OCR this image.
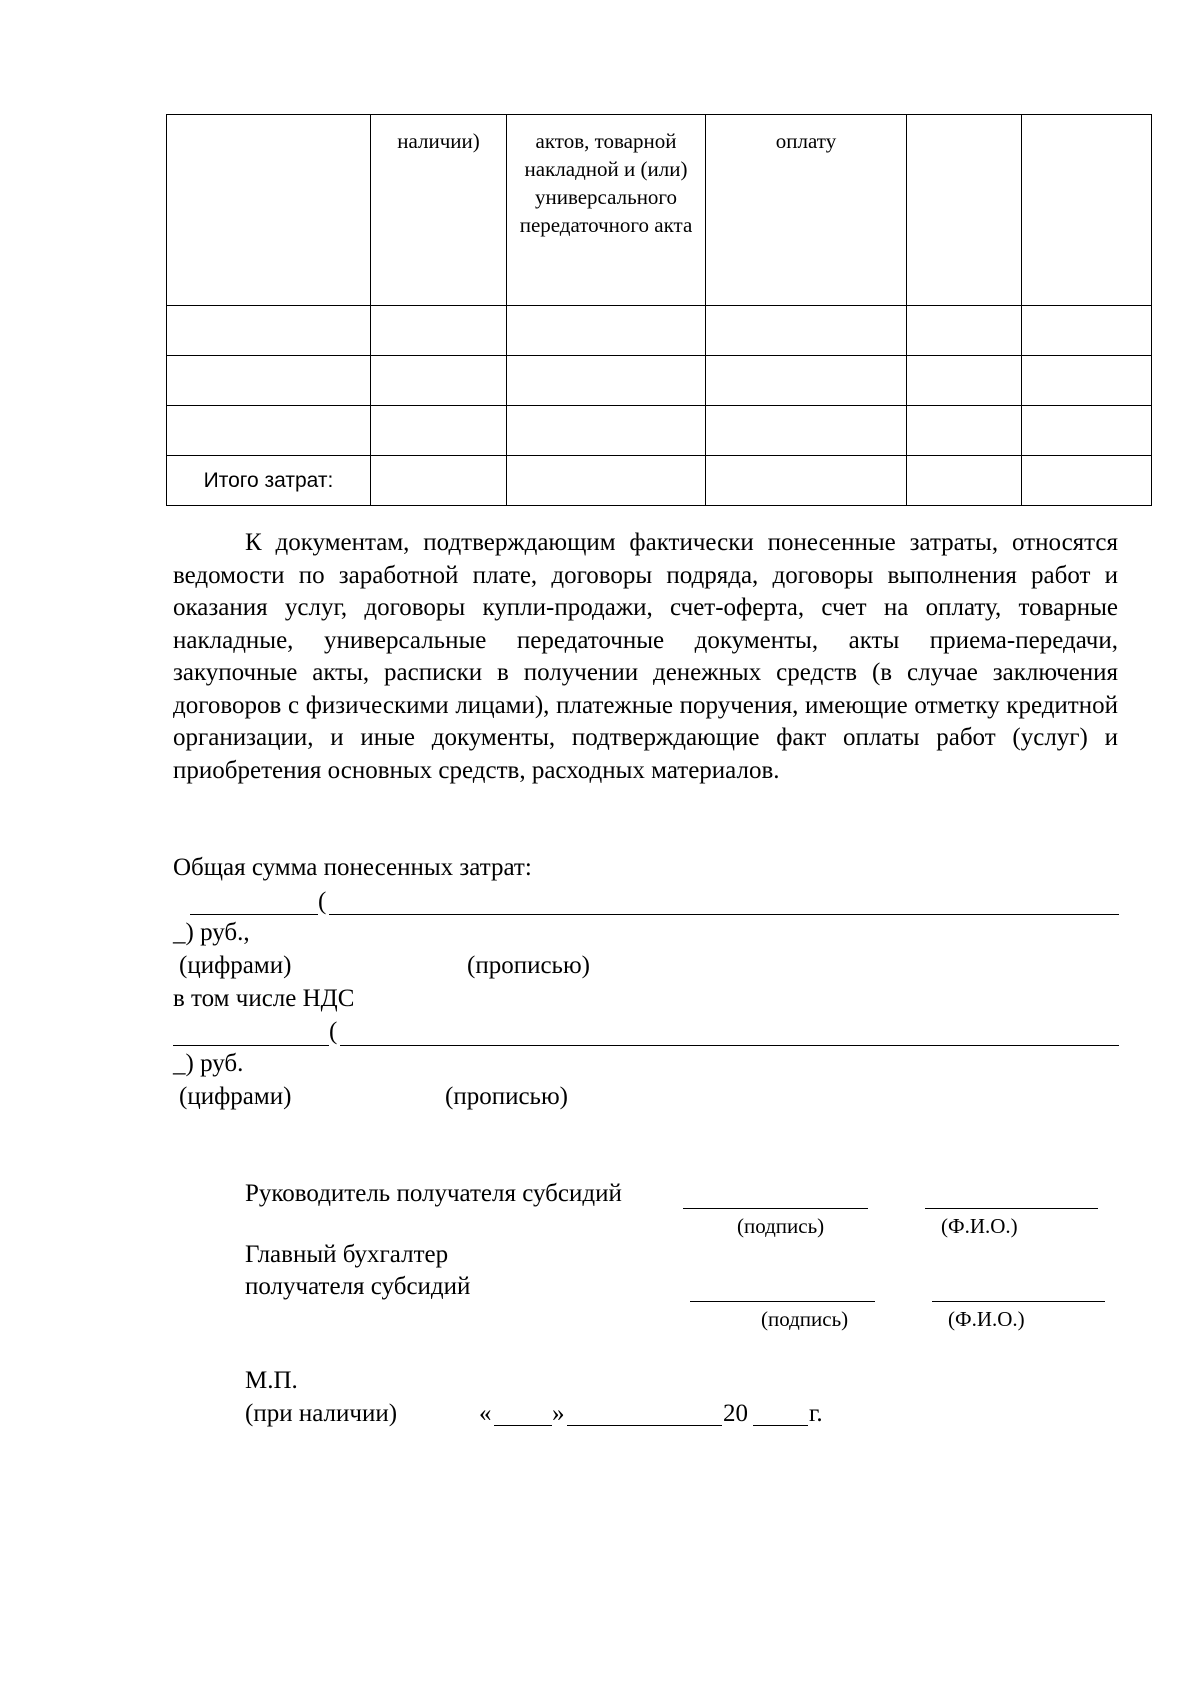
	наличии)	актов, товарной накладной и (или) универсального передаточного акта	оплату		

Итого затрат:					
К документам, подтверждающим фактически понесенные затраты, относятся ведомости по заработной плате, договоры подряда, договоры выполнения работ и оказания услуг, договоры купли-продажи, счет-оферта, счет на оплату, товарные накладные, универсальные передаточные документы, акты приема-передачи, закупочные акты, расписки в получении денежных средств (в случае заключения договоров с физическими лицами), платежные поручения, имеющие отметку кредитной организации, и иные документы, подтверждающие факт оплаты работ (услуг) и приобретения основных средств, расходных материалов.
Общая сумма понесенных затрат:
(
_) руб.,
(цифрами)	(прописью)
в том числе НДС
(
_) руб.
(цифрами)	(прописью)
Руководитель получателя субсидий
(подпись)	(Ф.И.О.)
Главный бухгалтер
получателя субсидий
(подпись)	(Ф.И.О.)
М.П.
(при наличии)	« »	20 г.
